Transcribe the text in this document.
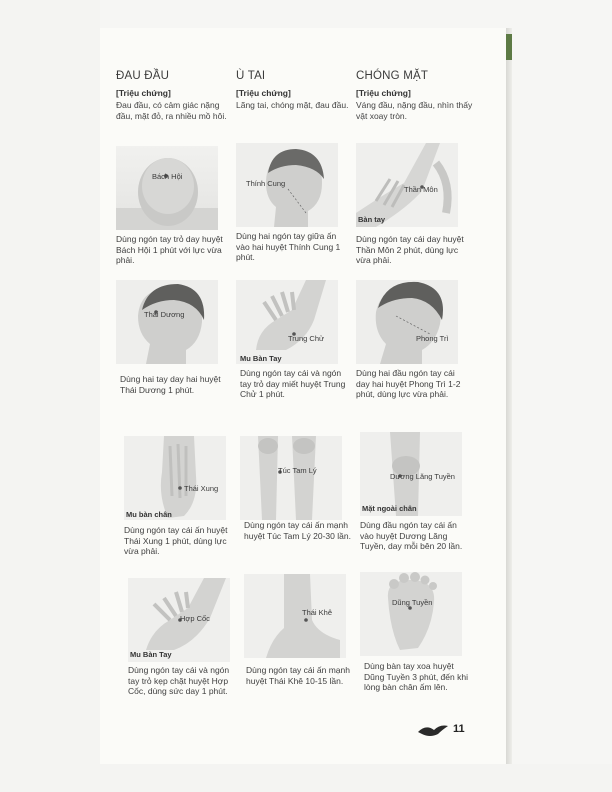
ĐAU ĐẦU
[Triệu chứng]
Đau đầu, có cảm giác nặng đầu, mặt đỏ, ra nhiều mồ hôi.
Ù TAI
[Triệu chứng]
Lãng tai, chóng mặt, đau đầu.
CHÓNG MẶT
[Triệu chứng]
Váng đầu, nặng đầu, nhìn thấy vật xoay tròn.
Bách Hội
Dùng ngón tay trỏ day huyệt Bách Hội 1 phút với lực vừa phải.
Thính Cung
Dùng hai ngón tay giữa ấn vào hai huyệt Thính Cung 1 phút.
Thần Môn
Bàn tay
Dùng ngón tay cái day huyệt Thần Môn 2 phút, dùng lực vừa phải.
Thái Dương
Dùng hai tay day hai huyệt Thái Dương 1 phút.
Trung Chử
Mu Bàn Tay
Dùng ngón tay cái và ngón tay trỏ day miết huyệt Trung Chử 1 phút.
Phong Trì
Dùng hai đầu ngón tay cái day hai huyệt Phong Trì 1-2 phút, dùng lực vừa phải.
Thái Xung
Mu bàn chân
Dùng ngón tay cái ấn huyệt Thái Xung 1 phút, dùng lực vừa phải.
Túc Tam Lý
Dùng ngón tay cái ấn mạnh huyệt Túc Tam Lý 20-30 lần.
Dương Lăng Tuyền
Mặt ngoài chân
Dùng đầu ngón tay cái ấn vào huyệt Dương Lăng Tuyền, day mỗi bên 20 lần.
Hợp Cốc
Mu Bàn Tay
Dùng ngón tay cái và ngón tay trỏ kẹp chặt huyệt Hợp Cốc, dùng sức day 1 phút.
Thái Khê
Dùng ngón tay cái ấn mạnh huyệt Thái Khê 10-15 lần.
Dũng Tuyền
Dùng bàn tay xoa huyệt Dũng Tuyền 3 phút, đến khi lòng bàn chân ấm lên.
11
